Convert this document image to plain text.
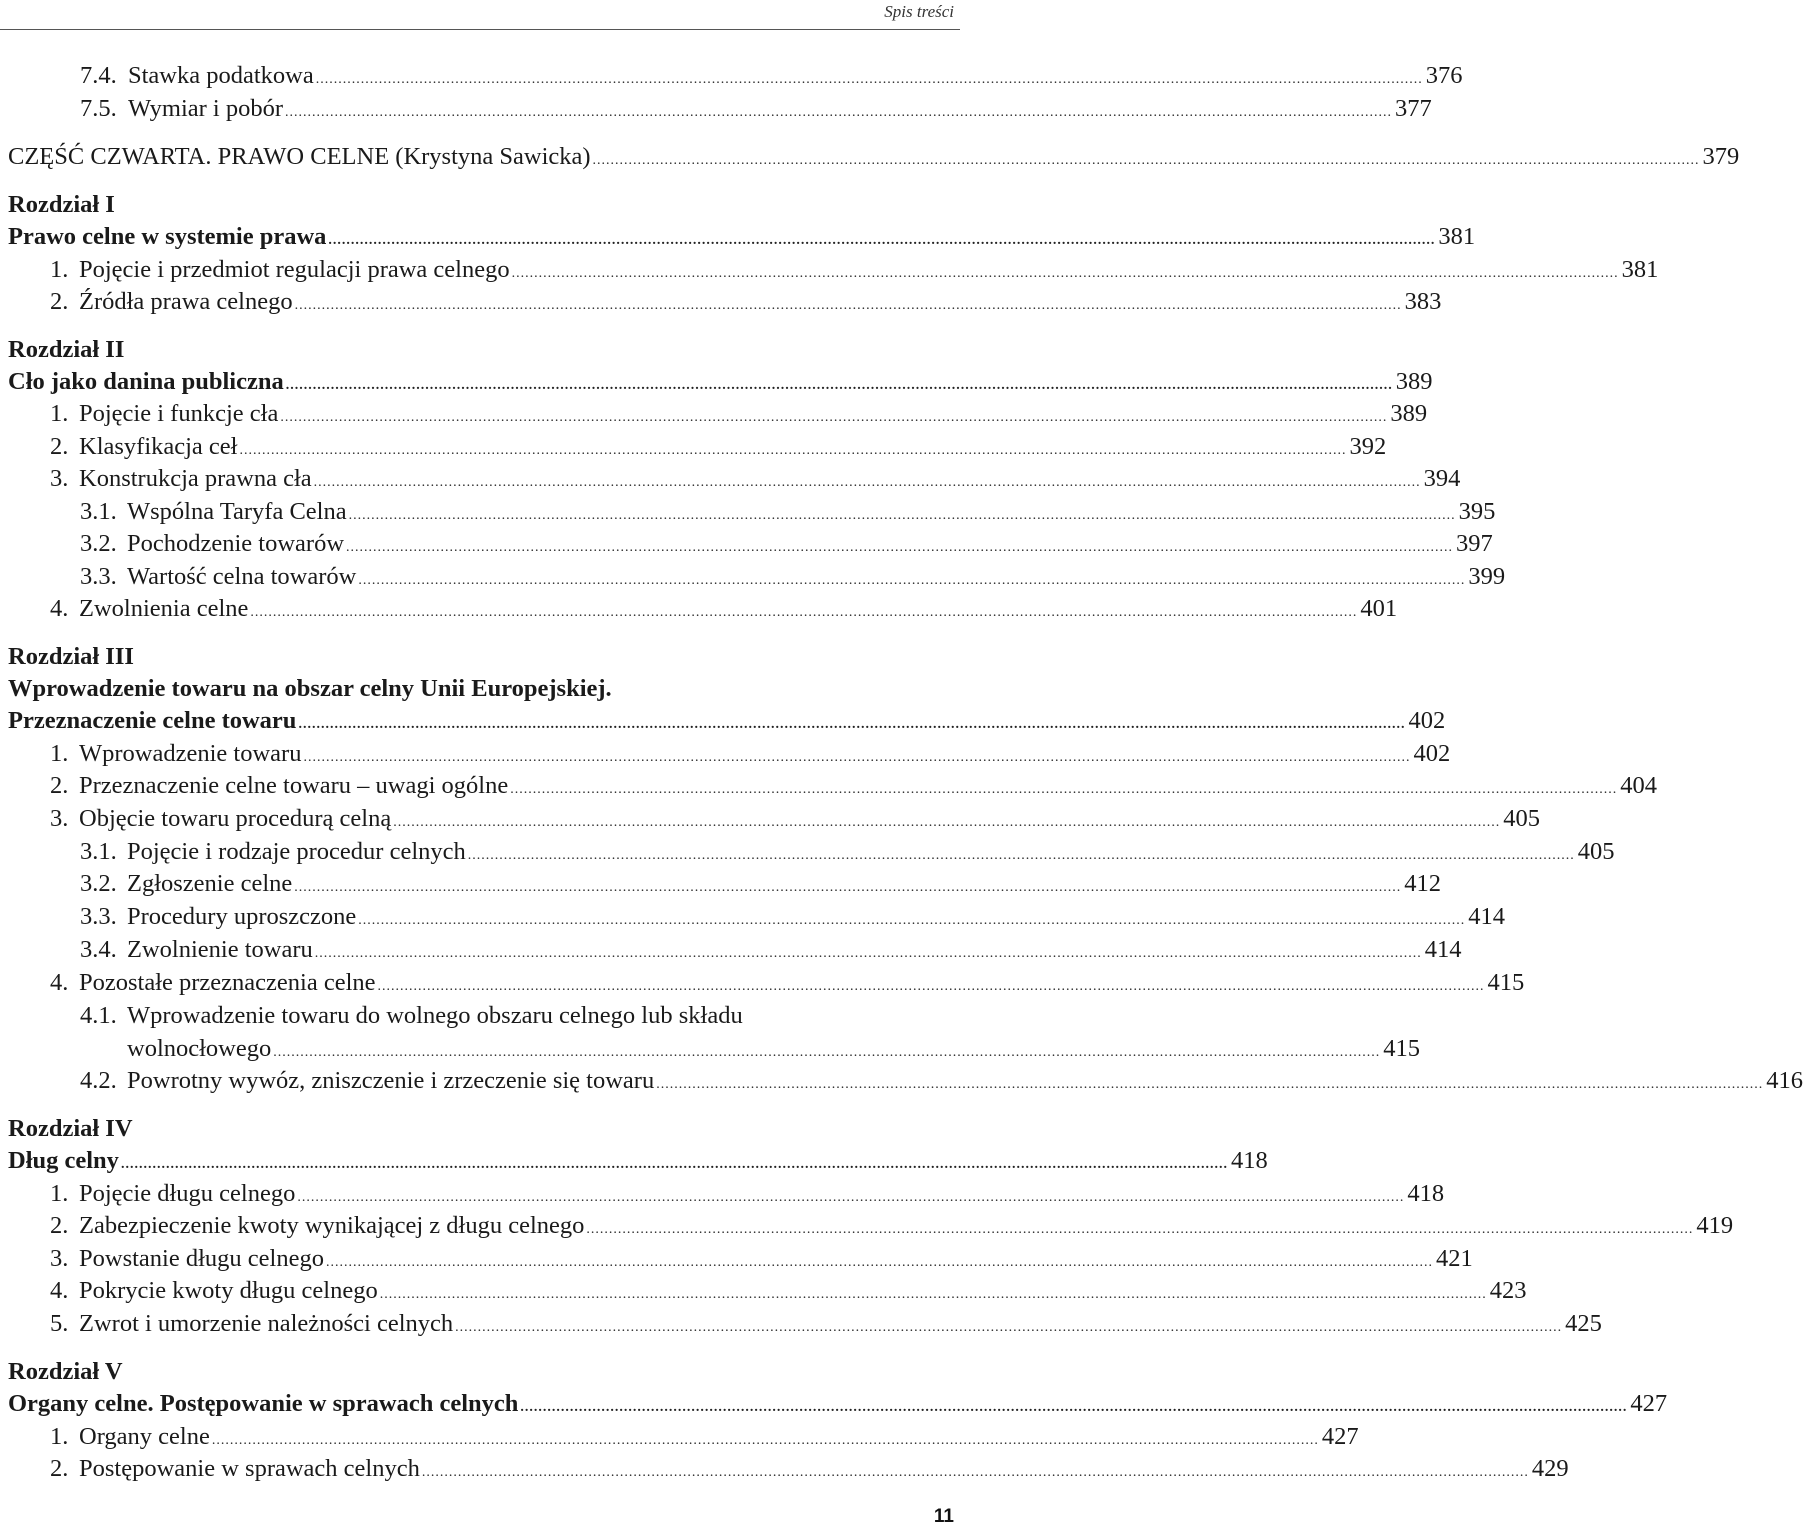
Spis treści
7.4. Stawka podatkowa .....	376
7.5. Wymiar i pobór .....	377
CZĘŚĆ CZWARTA. PRAWO CELNE (Krystyna Sawicka) .....	379
Rozdział I
Prawo celne w systemie prawa .....	381
1. Pojęcie i przedmiot regulacji prawa celnego .....	381
2. Źródła prawa celnego .....	383
Rozdział II
Cło jako danina publiczna .....	389
1. Pojęcie i funkcje cła .....	389
2. Klasyfikacja ceł .....	392
3. Konstrukcja prawna cła .....	394
3.1. Wspólna Taryfa Celna .....	395
3.2. Pochodzenie towarów .....	397
3.3. Wartość celna towarów .....	399
4. Zwolnienia celne .....	401
Rozdział III
Wprowadzenie towaru na obszar celny Unii Europejskiej.
Przeznaczenie celne towaru .....	402
1. Wprowadzenie towaru .....	402
2. Przeznaczenie celne towaru – uwagi ogólne .....	404
3. Objęcie towaru procedurą celną .....	405
3.1. Pojęcie i rodzaje procedur celnych .....	405
3.2. Zgłoszenie celne .....	412
3.3. Procedury uproszczone .....	414
3.4. Zwolnienie towaru .....	414
4. Pozostałe przeznaczenia celne .....	415
4.1. Wprowadzenie towaru do wolnego obszaru celnego lub składu
wolnocłowego .....	415
4.2. Powrotny wywóz, zniszczenie i zrzeczenie się towaru .....	416
Rozdział IV
Dług celny .....	418
1. Pojęcie długu celnego .....	418
2. Zabezpieczenie kwoty wynikającej z długu celnego .....	419
3. Powstanie długu celnego .....	421
4. Pokrycie kwoty długu celnego .....	423
5. Zwrot i umorzenie należności celnych .....	425
Rozdział V
Organy celne. Postępowanie w sprawach celnych .....	427
1. Organy celne .....	427
2. Postępowanie w sprawach celnych .....	429
11
